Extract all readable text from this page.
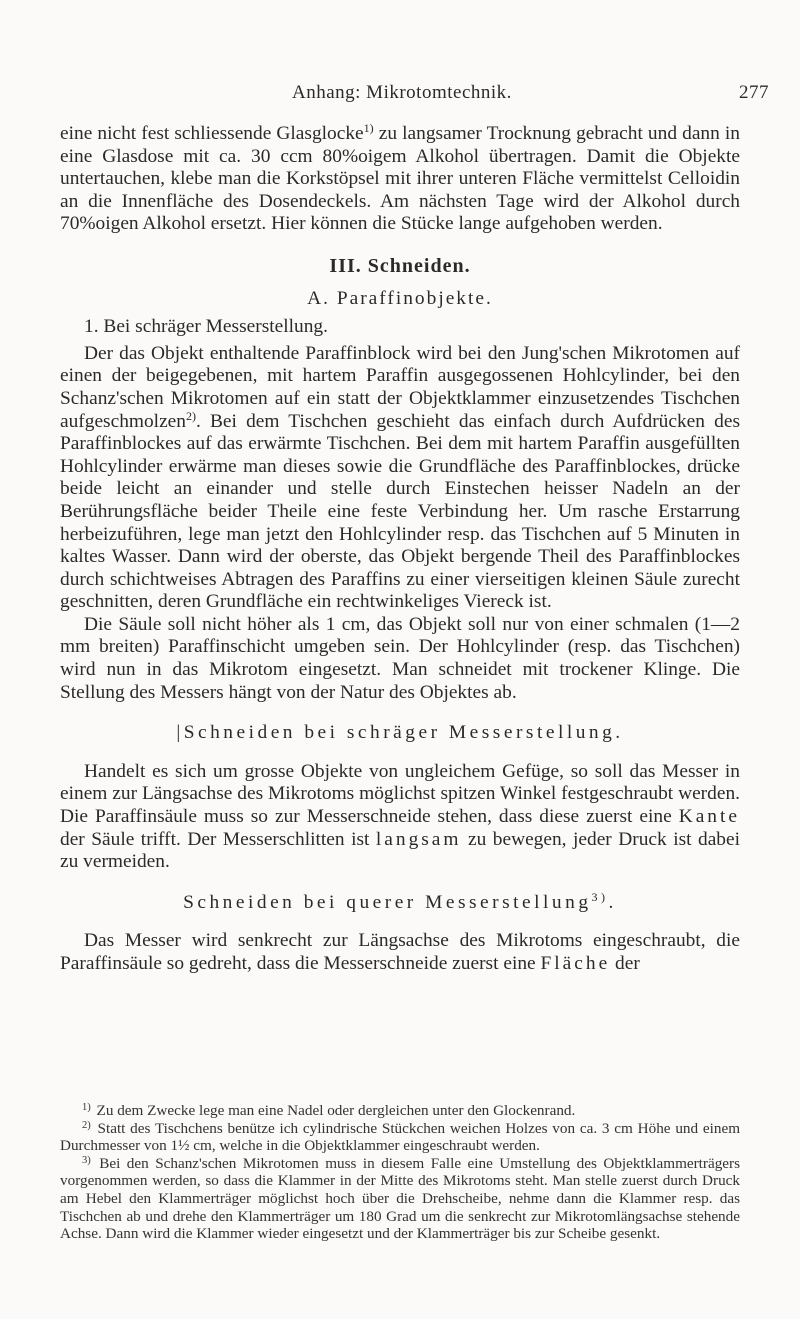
Anhang: Mikrotomtechnik.	277

eine nicht fest schliessende Glasglocke$^{1)}$ zu langsamer Trocknung gebracht und dann in eine Glasdose mit ca. 30 ccm 80%oigem Alkohol übertragen. Damit die Objekte untertauchen, klebe man die Korkstöpsel mit ihrer unteren Fläche vermittelst Celloidin an die Innenfläche des Dosendeckels. Am nächsten Tage wird der Alkohol durch 70%oigen Alkohol ersetzt. Hier können die Stücke lange aufgehoben werden.

III. Schneiden.
A. Paraffinobjekte.
1. Bei schräger Messerstellung.

Der das Objekt enthaltende Paraffinblock wird bei den Jung'schen Mikrotomen auf einen der beigegebenen, mit hartem Paraffin ausgegossenen Hohlcylinder, bei den Schanz'schen Mikrotomen auf ein statt der Objektklammer einzusetzendes Tischchen aufgeschmolzen$^{2)}$. Bei dem Tischchen geschieht das einfach durch Aufdrücken des Paraffinblockes auf das erwärmte Tischchen. Bei dem mit hartem Paraffin ausgefüllten Hohlcylinder erwärme man dieses sowie die Grundfläche des Paraffinblockes, drücke beide leicht an einander und stelle durch Einstechen heisser Nadeln an der Berührungsfläche beider Theile eine feste Verbindung her. Um rasche Erstarrung herbeizuführen, lege man jetzt den Hohlcylinder resp. das Tischchen auf 5 Minuten in kaltes Wasser. Dann wird der oberste, das Objekt bergende Theil des Paraffinblockes durch schichtweises Abtragen des Paraffins zu einer vierseitigen kleinen Säule zurecht geschnitten, deren Grundfläche ein rechtwinkeliges Viereck ist.

Die Säule soll nicht höher als 1 cm, das Objekt soll nur von einer schmalen (1—2 mm breiten) Paraffinschicht umgeben sein. Der Hohlcylinder (resp. das Tischchen) wird nun in das Mikrotom eingesetzt. Man schneidet mit trockener Klinge. Die Stellung des Messers hängt von der Natur des Objektes ab.

|Schneiden bei schräger Messerstellung.

Handelt es sich um grosse Objekte von ungleichem Gefüge, so soll das Messer in einem zur Längsachse des Mikrotoms möglichst spitzen Winkel festgeschraubt werden. Die Paraffinsäule muss so zur Messerschneide stehen, dass diese zuerst eine Kante der Säule trifft. Der Messerschlitten ist langsam zu bewegen, jeder Druck ist dabei zu vermeiden.

Schneiden bei querer Messerstellung$^{3)}$.

Das Messer wird senkrecht zur Längsachse des Mikrotoms eingeschraubt, die Paraffinsäule so gedreht, dass die Messerschneide zuerst eine Fläche der

$^{1)}$ Zu dem Zwecke lege man eine Nadel oder dergleichen unter den Glockenrand.

$^{2)}$ Statt des Tischchens benütze ich cylindrische Stückchen weichen Holzes von ca. 3 cm Höhe und einem Durchmesser von 1½ cm, welche in die Objektklammer eingeschraubt werden.

$^{3)}$ Bei den Schanz'schen Mikrotomen muss in diesem Falle eine Umstellung des Objektklammerträgers vorgenommen werden, so dass die Klammer in der Mitte des Mikrotoms steht. Man stelle zuerst durch Druck am Hebel den Klammerträger möglichst hoch über die Drehscheibe, nehme dann die Klammer resp. das Tischchen ab und drehe den Klammerträger um 180 Grad um die senkrecht zur Mikrotomlängsachse stehende Achse. Dann wird die Klammer wieder eingesetzt und der Klammerträger bis zur Scheibe gesenkt.
